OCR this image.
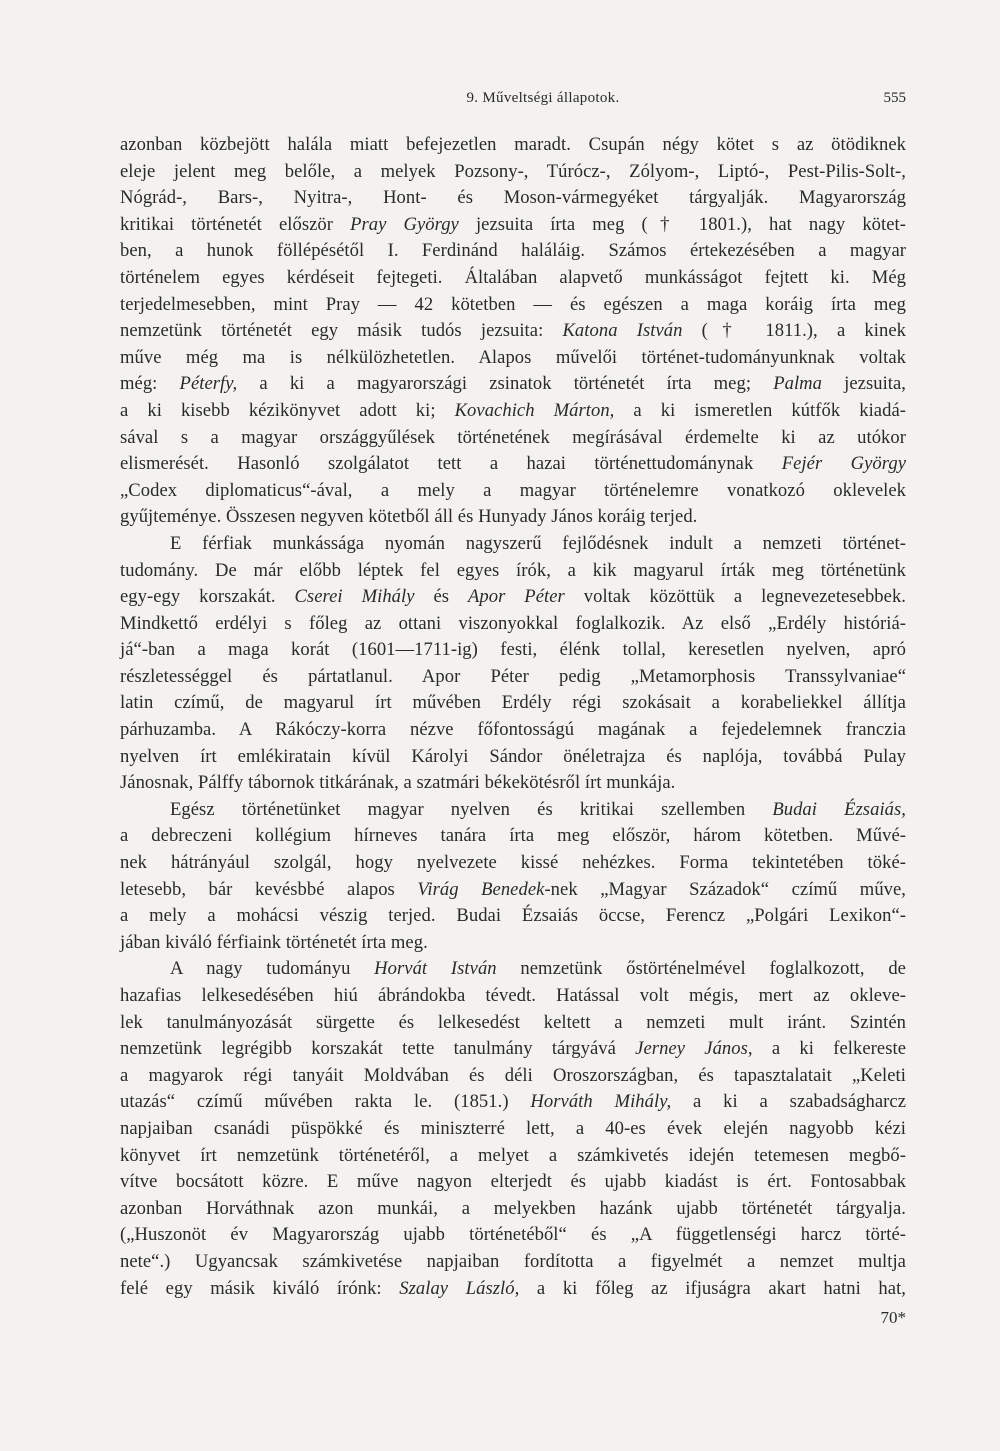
9. Műveltségi állapotok.	555
azonban közbejött halála miatt befejezetlen maradt. Csupán négy kötet s az ötödiknek
eleje jelent meg belőle, a melyek Pozsony-, Túrócz-, Zólyom-, Liptó-, Pest-Pilis-Solt-,
Nógrád-, Bars-, Nyitra-, Hont- és Moson-vármegyéket tárgyalják. Magyarország
kritikai történetét először Pray György jezsuita írta meg († 1801.), hat nagy kötet-
ben, a hunok föllépésétől I. Ferdinánd haláláig. Számos értekezésében a magyar
történelem egyes kérdéseit fejtegeti. Általában alapvető munkásságot fejtett ki. Még
terjedelmesebben, mint Pray — 42 kötetben — és egészen a maga koráig írta meg
nemzetünk történetét egy másik tudós jezsuita: Katona István († 1811.), a kinek
műve még ma is nélkülözhetetlen. Alapos művelői történet-tudományunknak voltak
még: Péterfy, a ki a magyarországi zsinatok történetét írta meg; Palma jezsuita,
a ki kisebb kézikönyvet adott ki; Kovachich Márton, a ki ismeretlen kútfők kiadá-
sával s a magyar országgyűlések történetének megírásával érdemelte ki az utókor
elismerését. Hasonló szolgálatot tett a hazai történettudománynak Fejér György
„Codex diplomaticus“-ával, a mely a magyar történelemre vonatkozó oklevelek
gyűjteménye. Összesen negyven kötetből áll és Hunyady János koráig terjed.
E férfiak munkássága nyomán nagyszerű fejlődésnek indult a nemzeti történet-
tudomány. De már előbb léptek fel egyes írók, a kik magyarul írták meg történetünk
egy-egy korszakát. Cserei Mihály és Apor Péter voltak közöttük a legnevezetesebbek.
Mindkettő erdélyi s főleg az ottani viszonyokkal foglalkozik. Az első „Erdély históriá-
já“-ban a maga korát (1601—1711-ig) festi, élénk tollal, keresetlen nyelven, apró
részletességgel és pártatlanul. Apor Péter pedig „Metamorphosis Transsylvaniae“
latin czímű, de magyarul írt művében Erdély régi szokásait a korabeliekkel állítja
párhuzamba. A Rákóczy-korra nézve főfontosságú magának a fejedelemnek franczia
nyelven írt emlékiratain kívül Károlyi Sándor önéletrajza és naplója, továbbá Pulay
Jánosnak, Pálffy tábornok titkárának, a szatmári békekötésről írt munkája.
Egész történetünket magyar nyelven és kritikai szellemben Budai Ézsaiás,
a debreczeni kollégium hírneves tanára írta meg először, három kötetben. Művé-
nek hátrányául szolgál, hogy nyelvezete kissé nehézkes. Forma tekintetében töké-
letesebb, bár kevésbbé alapos Virág Benedek-nek „Magyar Századok“ czímű műve,
a mely a mohácsi vészig terjed. Budai Ézsaiás öccse, Ferencz „Polgári Lexikon“-
jában kiváló férfiaink történetét írta meg.
A nagy tudományu Horvát István nemzetünk őstörténelmével foglalkozott, de
hazafias lelkesedésében hiú ábrándokba tévedt. Hatással volt mégis, mert az okleve-
lek tanulmányozását sürgette és lelkesedést keltett a nemzeti mult iránt. Szintén
nemzetünk legrégibb korszakát tette tanulmány tárgyává Jerney János, a ki felkereste
a magyarok régi tanyáit Moldvában és déli Oroszországban, és tapasztalatait „Keleti
utazás“ czímű művében rakta le. (1851.) Horváth Mihály, a ki a szabadságharcz
napjaiban csanádi püspökké és miniszterré lett, a 40-es évek elején nagyobb kézi
könyvet írt nemzetünk történetéről, a melyet a számkivetés idején tetemesen megbő-
vítve bocsátott közre. E műve nagyon elterjedt és ujabb kiadást is ért. Fontosabbak
azonban Horváthnak azon munkái, a melyekben hazánk ujabb történetét tárgyalja.
(„Huszonöt év Magyarország ujabb történetéből“ és „A függetlenségi harcz törté-
nete“.) Ugyancsak számkivetése napjaiban fordította a figyelmét a nemzet multja
felé egy másik kiváló írónk: Szalay László, a ki főleg az ifjuságra akart hatni hat,
70*
